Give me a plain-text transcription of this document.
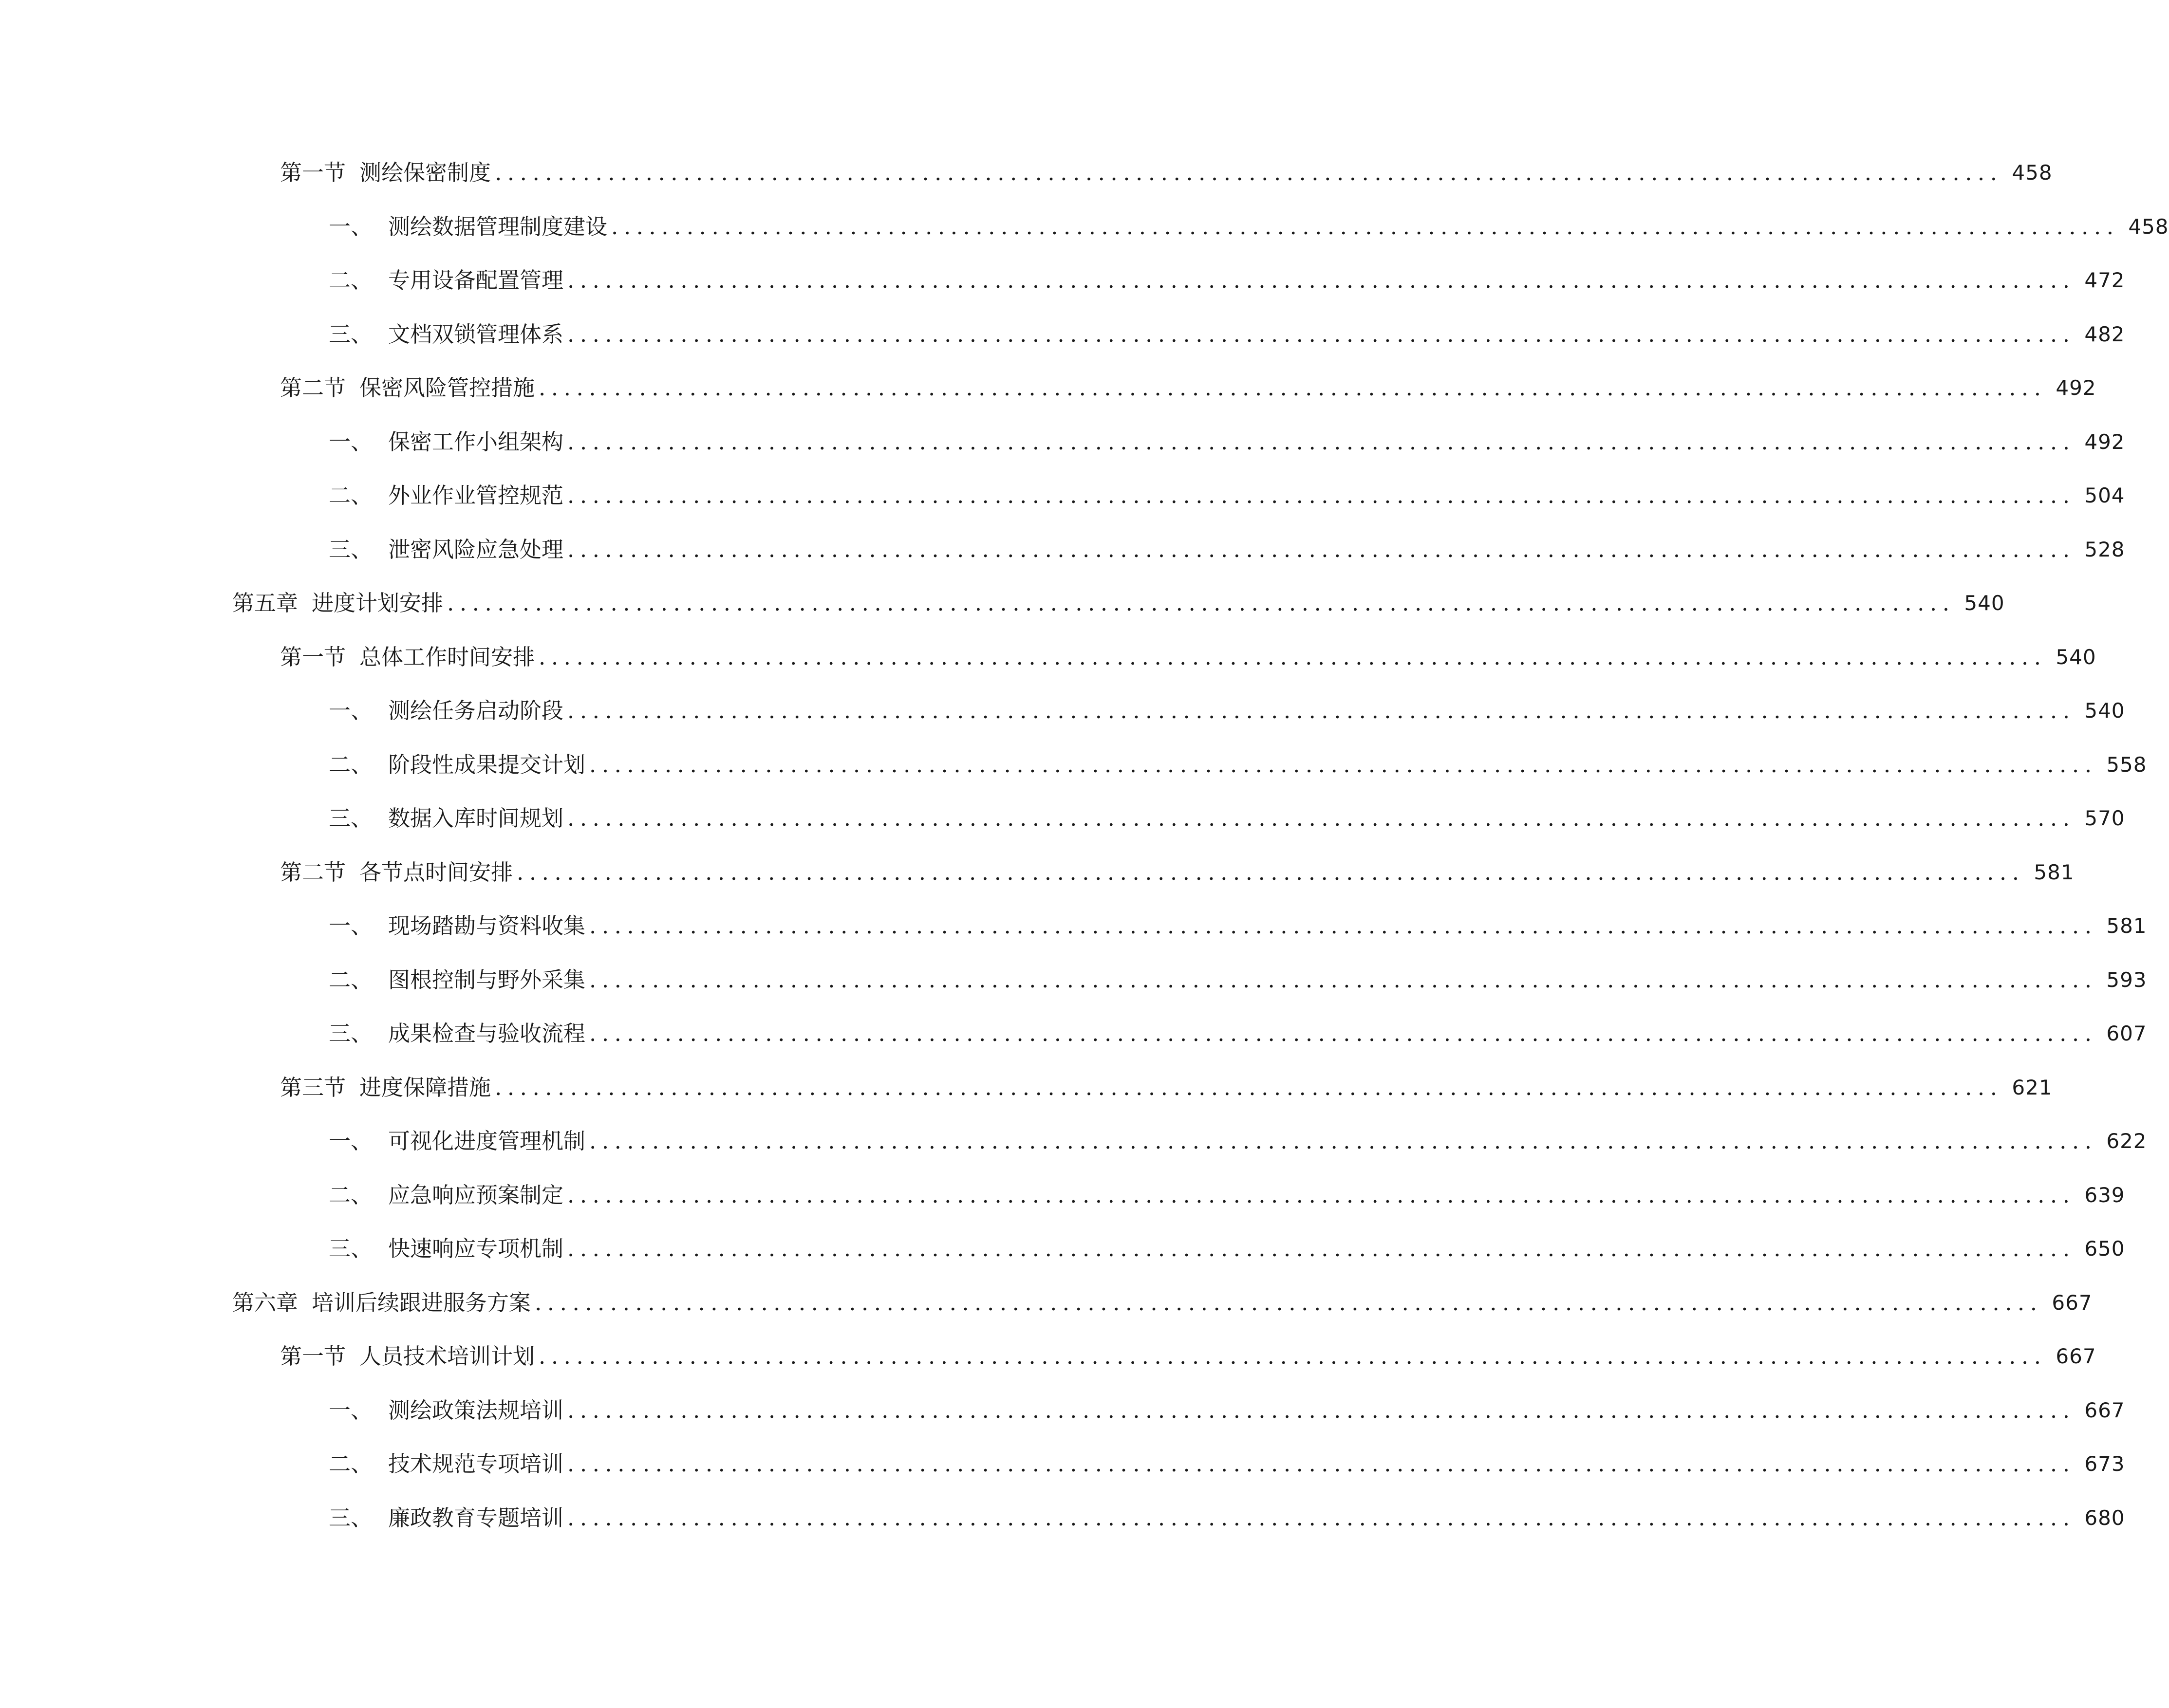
第一节 测绘保密制度 ........................................................................................................................ 458
一、 测绘数据管理制度建设 ........................................................................................................................ 458
二、 专用设备配置管理 ........................................................................................................................ 472
三、 文档双锁管理体系 ........................................................................................................................ 482
第二节 保密风险管控措施 ........................................................................................................................ 492
一、 保密工作小组架构 ........................................................................................................................ 492
二、 外业作业管控规范 ........................................................................................................................ 504
三、 泄密风险应急处理 ........................................................................................................................ 528
第五章 进度计划安排 ........................................................................................................................ 540
第一节 总体工作时间安排 ........................................................................................................................ 540
一、 测绘任务启动阶段 ........................................................................................................................ 540
二、 阶段性成果提交计划 ........................................................................................................................ 558
三、 数据入库时间规划 ........................................................................................................................ 570
第二节 各节点时间安排 ........................................................................................................................ 581
一、 现场踏勘与资料收集 ........................................................................................................................ 581
二、 图根控制与野外采集 ........................................................................................................................ 593
三、 成果检查与验收流程 ........................................................................................................................ 607
第三节 进度保障措施 ........................................................................................................................ 621
一、 可视化进度管理机制 ........................................................................................................................ 622
二、 应急响应预案制定 ........................................................................................................................ 639
三、 快速响应专项机制 ........................................................................................................................ 650
第六章 培训后续跟进服务方案 ........................................................................................................................ 667
第一节 人员技术培训计划 ........................................................................................................................ 667
一、 测绘政策法规培训 ........................................................................................................................ 667
二、 技术规范专项培训 ........................................................................................................................ 673
三、 廉政教育专题培训 ........................................................................................................................ 680
